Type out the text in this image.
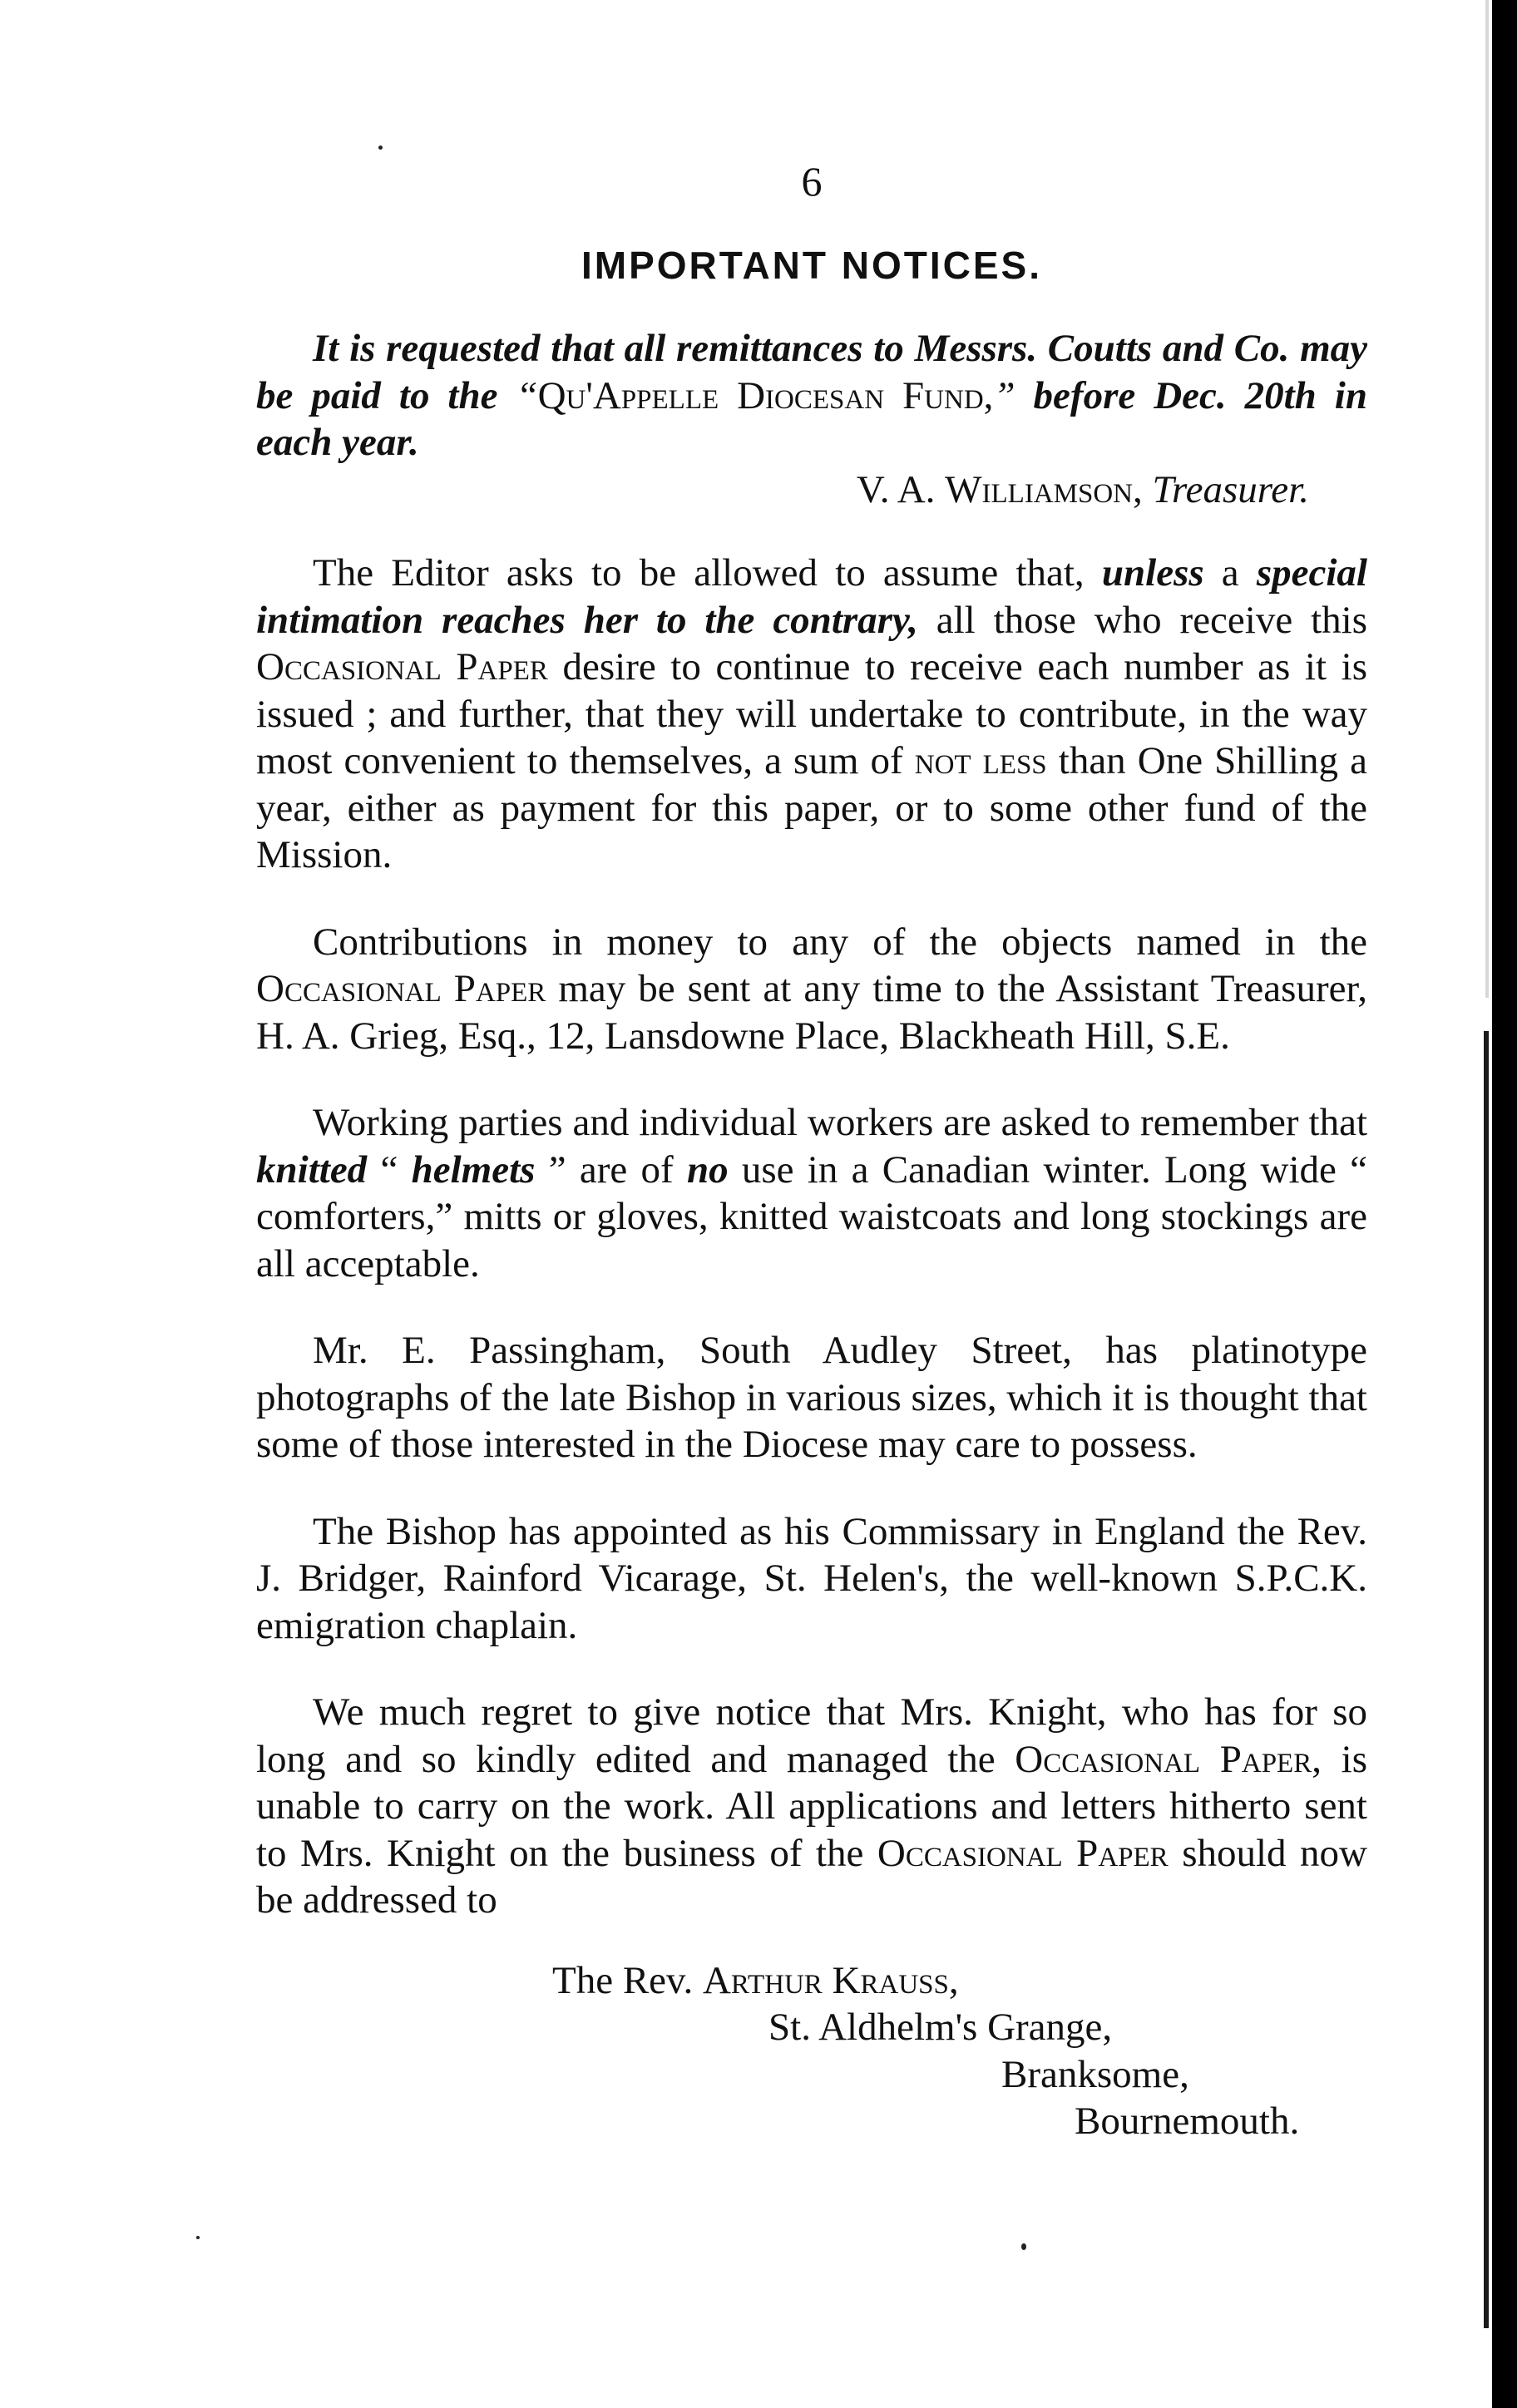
6
IMPORTANT NOTICES.

It is requested that all remittances to Messrs. Coutts and Co. may be paid to the “Qu'Appelle Diocesan Fund,” before Dec. 20th in each year.

V. A. Williamson, Treasurer.

The Editor asks to be allowed to assume that, unless a special intimation reaches her to the contrary, all those who receive this Occasional Paper desire to continue to receive each number as it is issued ; and further, that they will undertake to contribute, in the way most convenient to themselves, a sum of not less than One Shilling a year, either as payment for this paper, or to some other fund of the Mission.

Contributions in money to any of the objects named in the Occasional Paper may be sent at any time to the Assistant Treasurer, H. A. Grieg, Esq., 12, Lansdowne Place, Blackheath Hill, S.E.

Working parties and individual workers are asked to remember that knitted “ helmets ” are of no use in a Canadian winter. Long wide “ comforters,” mitts or gloves, knitted waistcoats and long stockings are all acceptable.

Mr. E. Passingham, South Audley Street, has platinotype photographs of the late Bishop in various sizes, which it is thought that some of those interested in the Diocese may care to possess.

The Bishop has appointed as his Commissary in England the Rev. J. Bridger, Rainford Vicarage, St. Helen's, the well-known S.P.C.K. emigration chaplain.

We much regret to give notice that Mrs. Knight, who has for so long and so kindly edited and managed the Occasional Paper, is unable to carry on the work. All applications and letters hitherto sent to Mrs. Knight on the business of the Occasional Paper should now be addressed to

The Rev. Arthur Krauss,
St. Aldhelm's Grange,
Branksome,
Bournemouth.
